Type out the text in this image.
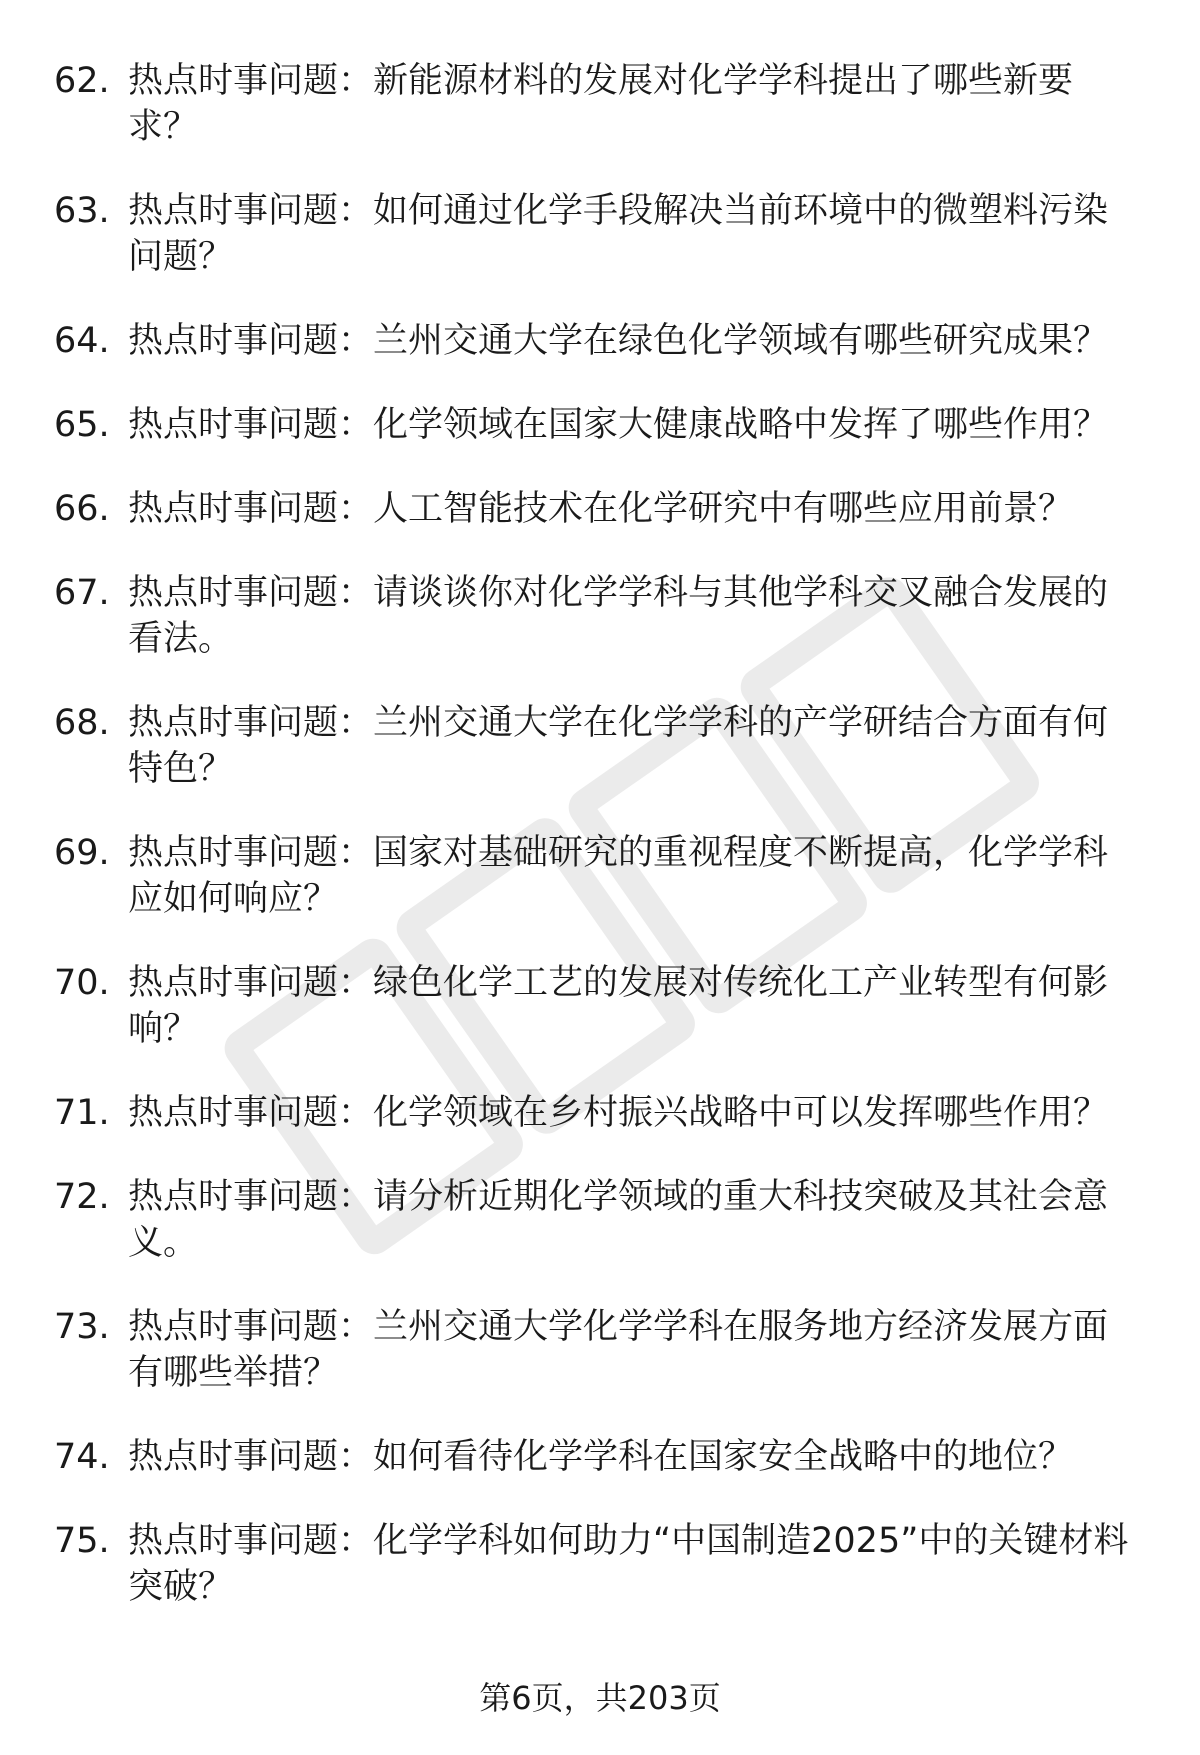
62. 热点时事问题：新能源材料的发展对化学学科提出了哪些新要求？
63. 热点时事问题：如何通过化学手段解决当前环境中的微塑料污染问题？
64. 热点时事问题：兰州交通大学在绿色化学领域有哪些研究成果？
65. 热点时事问题：化学领域在国家大健康战略中发挥了哪些作用？
66. 热点时事问题：人工智能技术在化学研究中有哪些应用前景？
67. 热点时事问题：请谈谈你对化学学科与其他学科交叉融合发展的看法。
68. 热点时事问题：兰州交通大学在化学学科的产学研结合方面有何特色？
69. 热点时事问题：国家对基础研究的重视程度不断提高，化学学科应如何响应？
70. 热点时事问题：绿色化学工艺的发展对传统化工产业转型有何影响？
71. 热点时事问题：化学领域在乡村振兴战略中可以发挥哪些作用？
72. 热点时事问题：请分析近期化学领域的重大科技突破及其社会意义。
73. 热点时事问题：兰州交通大学化学学科在服务地方经济发展方面有哪些举措？
74. 热点时事问题：如何看待化学学科在国家安全战略中的地位？
75. 热点时事问题：化学学科如何助力“中国制造2025”中的关键材料突破？
第6页，共203页
